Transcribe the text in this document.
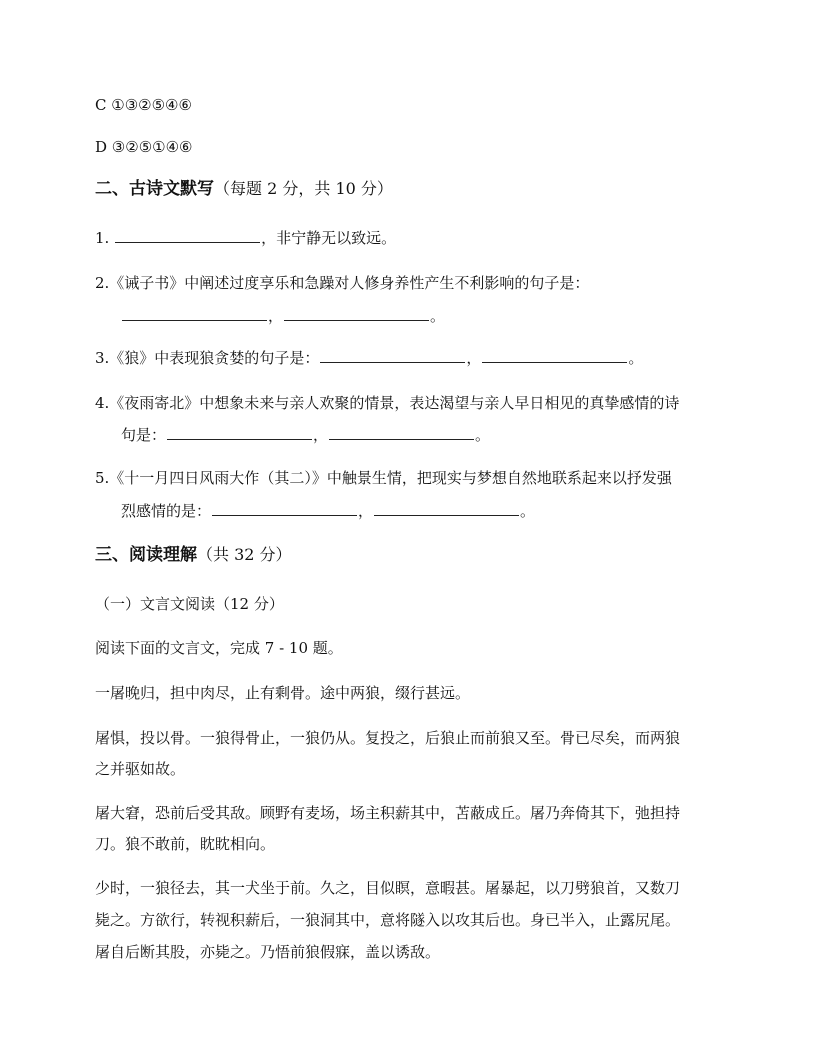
C ①③②⑤④⑥
D ③②⑤①④⑥
二、古诗文默写（每题 2 分，共 10 分）
1.	，非宁静无以致远。
2.《诫子书》中阐述过度享乐和急躁对人修身养性产生不利影响的句子是：
，	。
3.《狼》中表现狼贪婪的句子是：	，	。
4.《夜雨寄北》中想象未来与亲人欢聚的情景，表达渴望与亲人早日相见的真挚感情的诗
句是：	，	。
5.《十一月四日风雨大作（其二）》中触景生情，把现实与梦想自然地联系起来以抒发强
烈感情的是：	，	。
三、阅读理解（共 32 分）
（一）文言文阅读（12 分）
阅读下面的文言文，完成 7 - 10 题。
一屠晚归，担中肉尽，止有剩骨。途中两狼，缀行甚远。
屠惧，投以骨。一狼得骨止，一狼仍从。复投之，后狼止而前狼又至。骨已尽矣，而两狼
之并驱如故。
屠大窘，恐前后受其敌。顾野有麦场，场主积薪其中，苫蔽成丘。屠乃奔倚其下，弛担持
刀。狼不敢前，眈眈相向。
少时，一狼径去，其一犬坐于前。久之，目似瞑，意暇甚。屠暴起，以刀劈狼首，又数刀
毙之。方欲行，转视积薪后，一狼洞其中，意将隧入以攻其后也。身已半入，止露尻尾。
屠自后断其股，亦毙之。乃悟前狼假寐，盖以诱敌。
